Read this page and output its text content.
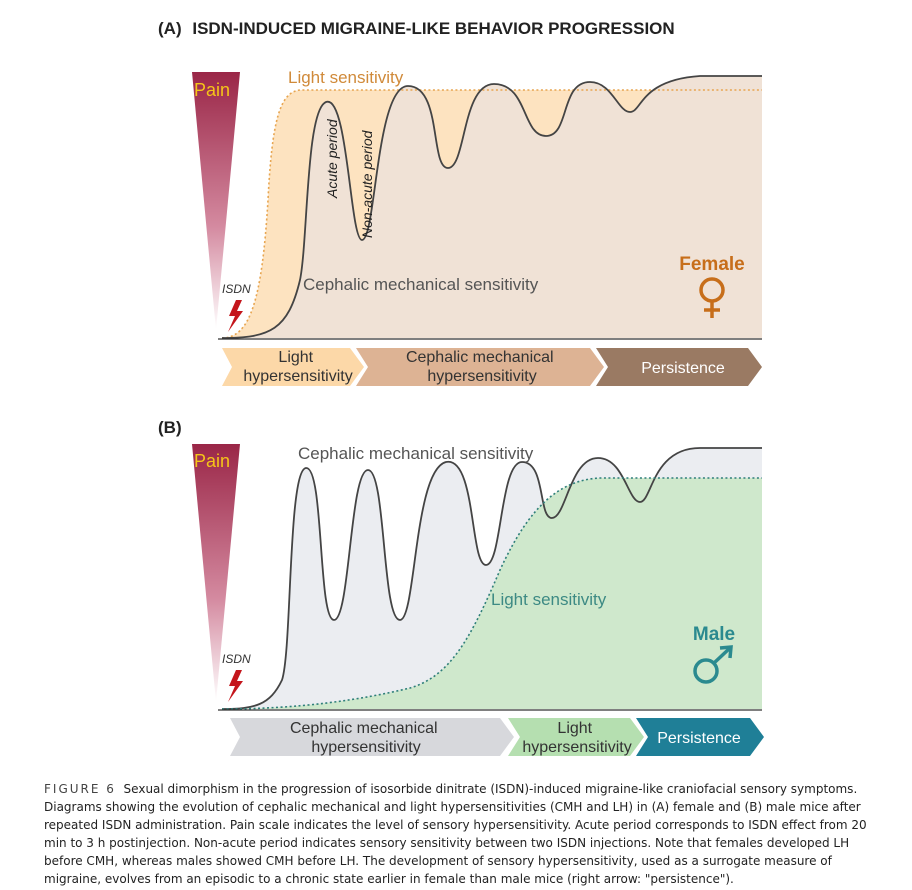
(A) ISDN-INDUCED MIGRAINE-LIKE BEHAVIOR PROGRESSION
Pain
Light sensitivity
Acute period Non-acute period
Cephalic mechanical sensitivity
ISDN
Female
Light hypersensitivity
Cephalic mechanical hypersensitivity	Persistence
(B)
Pain	Cephalic mechanical sensitivity
Light sensitivity
ISDN
Male
Cephalic mechanical hypersensitivity
Light hypersensitivity
Persistence
FIGURE 6 Sexual dimorphism in the progression of isosorbide dinitrate (ISDN)-induced migraine-like craniofacial sensory symptoms. Diagrams showing the evolution of cephalic mechanical and light hypersensitivities (CMH and LH) in (A) female and (B) male mice after repeated ISDN administration. Pain scale indicates the level of sensory hypersensitivity. Acute period corresponds to ISDN effect from 20 min to 3 h postinjection. Non-acute period indicates sensory sensitivity between two ISDN injections. Note that females developed LH before CMH, whereas males showed CMH before LH. The development of sensory hypersensitivity, used as a surrogate measure of migraine, evolves from an episodic to a chronic state earlier in female than male mice (right arrow: "persistence").
